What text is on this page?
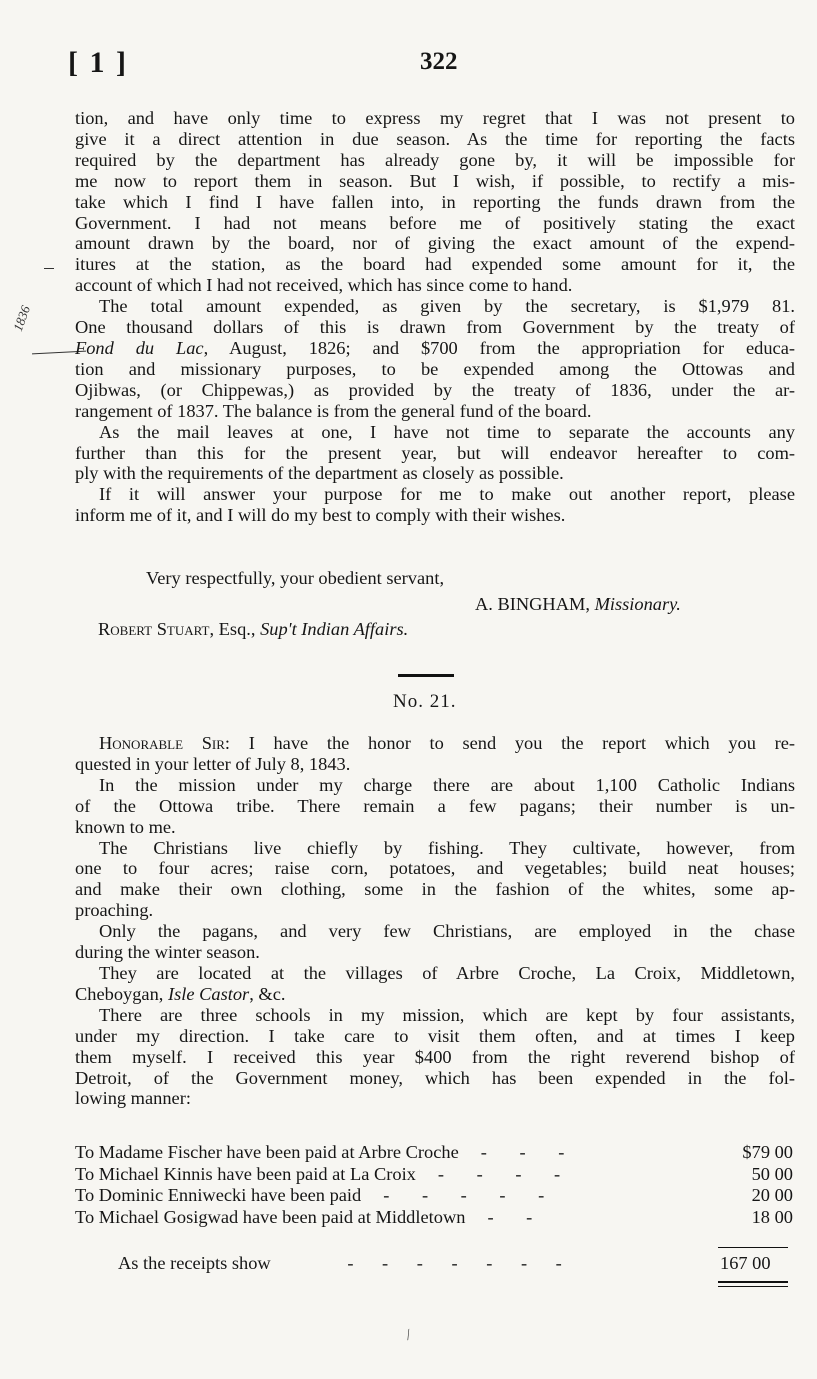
[ 1 ]	322
1836
tion, and have only time to express my regret that I was not present to
give it a direct attention in due season. As the time for reporting the facts
required by the department has already gone by, it will be impossible for
me now to report them in season. But I wish, if possible, to rectify a mis-
take which I find I have fallen into, in reporting the funds drawn from the
Government. I had not means before me of positively stating the exact
amount drawn by the board, nor of giving the exact amount of the expend-
itures at the station, as the board had expended some amount for it, the
account of which I had not received, which has since come to hand.
The total amount expended, as given by the secretary, is $1,979 81.
One thousand dollars of this is drawn from Government by the treaty of
Fond du Lac, August, 1826; and $700 from the appropriation for educa-
tion and missionary purposes, to be expended among the Ottowas and
Ojibwas, (or Chippewas,) as provided by the treaty of 1836, under the ar-
rangement of 1837. The balance is from the general fund of the board.
As the mail leaves at one, I have not time to separate the accounts any
further than this for the present year, but will endeavor hereafter to com-
ply with the requirements of the department as closely as possible.
If it will answer your purpose for me to make out another report, please
inform me of it, and I will do my best to comply with their wishes.
Very respectfully, your obedient servant,
A. BINGHAM, Missionary.
Robert Stuart, Esq., Sup't Indian Affairs.
No. 21.
Honorable Sir: I have the honor to send you the report which you re-
quested in your letter of July 8, 1843.
In the mission under my charge there are about 1,100 Catholic Indians
of the Ottowa tribe. There remain a few pagans; their number is un-
known to me.
The Christians live chiefly by fishing. They cultivate, however, from
one to four acres; raise corn, potatoes, and vegetables; build neat houses;
and make their own clothing, some in the fashion of the whites, some ap-
proaching.
Only the pagans, and very few Christians, are employed in the chase
during the winter season.
They are located at the villages of Arbre Croche, La Croix, Middletown,
Cheboygan, Isle Castor, &c.
There are three schools in my mission, which are kept by four assistants,
under my direction. I take care to visit them often, and at times I keep
them myself. I received this year $400 from the right reverend bishop of
Detroit, of the Government money, which has been expended in the fol-
lowing manner:
To Madame Fischer have been paid at Arbre Croche	$79 00
- - -
To Michael Kinnis have been paid at La Croix	50 00
- - - -
To Dominic Enniwecki have been paid	20 00
- - - - -
To Michael Gosigwad have been paid at Middletown	18 00
- -
As the receipts show	- - - - - - -	167 00
⁄
